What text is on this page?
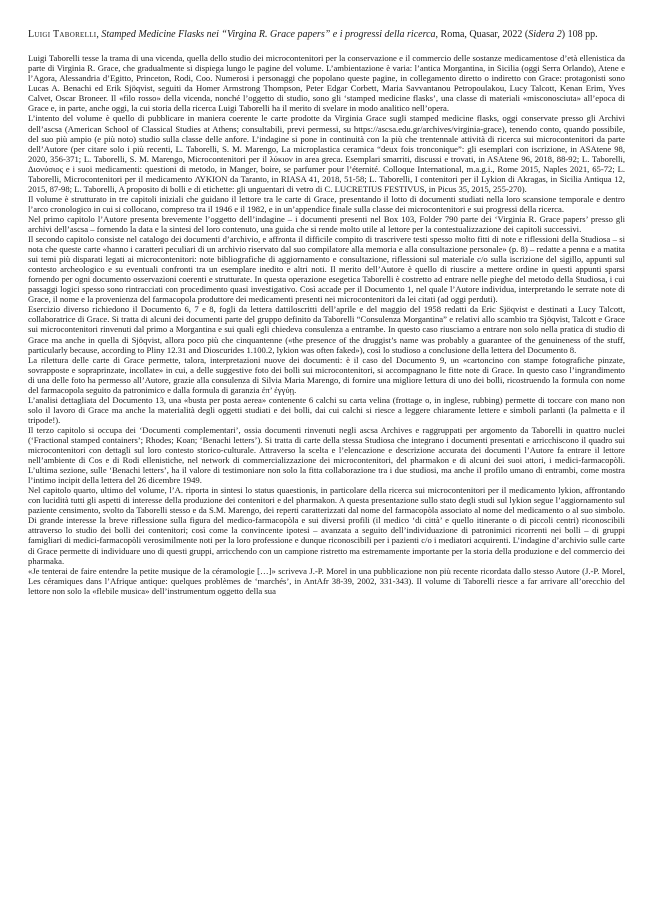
Luigi Taborelli, Stamped Medicine Flasks nei “Virgina R. Grace papers” e i progressi della ricerca, Roma, Quasar, 2022 (Sidera 2) 108 pp.

Luigi Taborelli tesse la trama di una vicenda, quella dello studio dei microcontenitori per la conservazione e il commercio delle sostanze medicamentose d’età ellenistica da parte di Virginia R. Grace, che gradualmente si dispiega lungo le pagine del volume. L’ambientazione è varia: l’antica Morgantina, in Sicilia (oggi Serra Orlando), Atene e l’Agora, Alessandria d’Egitto, Princeton, Rodi, Coo. Numerosi i personaggi che popolano queste pagine, in collegamento diretto o indiretto con Grace: protagonisti sono Lucas A. Benachi ed Erik Sjöqvist, seguiti da Homer Armstrong Thompson, Peter Edgar Corbett, Maria Savvantanou Petropoulakou, Lucy Talcott, Kenan Erim, Yves Calvet, Oscar Broneer. Il «filo rosso» della vicenda, nonché l’oggetto di studio, sono gli ‘stamped medicine flasks’, una classe di materiali «misconosciuta» all’epoca di Grace e, in parte, anche oggi, la cui storia della ricerca Luigi Taborelli ha il merito di svelare in modo analitico nell’opera.

L’intento del volume è quello di pubblicare in maniera coerente le carte prodotte da Virginia Grace sugli stamped medicine flasks, oggi conservate presso gli Archivi dell’ascsa (American School of Classical Studies at Athens; consultabili, previ permessi, su https://ascsa.edu.gr/archives/virginia-grace), tenendo conto, quando possibile, del suo più ampio (e più noto) studio sulla classe delle anfore. L’indagine si pone in continuità con la più che trentennale attività di ricerca sui microcontenitori da parte dell’Autore (per citare solo i più recenti, L. Taborelli, S. M. Marengo, La microplastica ceramica “deux fois tronconique”: gli esemplari con iscrizione, in ASAtene 98, 2020, 356-371; L. Taborelli, S. M. Marengo, Microcontenitori per il λύκιον in area greca. Esemplari smarriti, discussi e trovati, in ASAtene 96, 2018, 88-92; L. Taborelli, Διονύσιος e i suoi medicamenti: questioni di metodo, in Manger, boire, se parfumer pour l’éternité. Colloque International, m.a.g.i., Rome 2015, Naples 2021, 65-72; L. Taborelli, Microcontenitori per il medicamento ΛΥΚΙΟΝ da Taranto, in RIASA 41, 2018, 51-58; L. Taborelli, I contenitori per il Lykion di Akragas, in Sicilia Antiqua 12, 2015, 87-98; L. Taborelli, A proposito di bolli e di etichette: gli unguentari di vetro di C. LUCRETIUS FESTIVUS, in Picus 35, 2015, 255-270).

Il volume è strutturato in tre capitoli iniziali che guidano il lettore tra le carte di Grace, presentando il lotto di documenti studiati nella loro scansione temporale e dentro l’arco cronologico in cui si collocano, compreso tra il 1946 e il 1982, e in un’appendice finale sulla classe dei microcontenitori e sui progressi della ricerca.

Nel primo capitolo l’Autore presenta brevemente l’oggetto dell’indagine – i documenti presenti nel Box 103, Folder 790 parte dei ‘Virginia R. Grace papers’ presso gli archivi dell’ascsa – fornendo la data e la sintesi del loro contenuto, una guida che si rende molto utile al lettore per la contestualizzazione dei capitoli successivi.

Il secondo capitolo consiste nel catalogo dei documenti d’archivio, e affronta il difficile compito di trascrivere testi spesso molto fitti di note e riflessioni della Studiosa – si nota che queste carte «hanno i caratteri peculiari di un archivio riservato dal suo compilatore alla memoria e alla consultazione personale» (p. 8) – redatte a penna e a matita sui temi più disparati legati ai microcontenitori: note bibliografiche di aggiornamento e consultazione, riflessioni sul materiale c/o sulla iscrizione del sigillo, appunti sul contesto archeologico e su eventuali confronti tra un esemplare inedito e altri noti. Il merito dell’Autore è quello di riuscire a mettere ordine in questi appunti sparsi fornendo per ogni documento osservazioni coerenti e strutturate. In questa operazione esegetica Taborelli è costretto ad entrare nelle pieghe del metodo della Studiosa, i cui passaggi logici spesso sono rintracciati con procedimento quasi investigativo. Così accade per il Documento 1, nel quale l’Autore individua, interpretando le serrate note di Grace, il nome e la provenienza del farmacopola produttore dei medicamenti presenti nei microcontenitori da lei citati (ad oggi perduti).

Esercizio diverso richiedono il Documento 6, 7 e 8, fogli da lettera dattiloscritti dell’aprile e del maggio del 1958 redatti da Eric Sjöqvist e destinati a Lucy Talcott, collaboratrice di Grace. Si tratta di alcuni dei documenti parte del gruppo definito da Taborelli “Consulenza Morgantina” e relativi allo scambio tra Sjöqvist, Talcott e Grace sui microcontenitori rinvenuti dal primo a Morgantina e sui quali egli chiedeva consulenza a entrambe. In questo caso riusciamo a entrare non solo nella pratica di studio di Grace ma anche in quella di Sjöqvist, allora poco più che cinquantenne («the presence of the druggist’s name was probably a guarantee of the genuineness of the stuff, particularly because, according to Pliny 12.31 and Dioscurides 1.100.2, lykion was often faked»), così lo studioso a conclusione della lettera del Documento 8.

La rilettura delle carte di Grace permette, talora, interpretazioni nuove dei documenti: è il caso del Documento 9, un «cartoncino con stampe fotografiche pinzate, sovrapposte e sopraprinzate, incollate» in cui, a delle suggestive foto dei bolli sui microcontenitori, si accompagnano le fitte note di Grace. In questo caso l’ingrandimento di una delle foto ha permesso all’Autore, grazie alla consulenza di Silvia Maria Marengo, di fornire una migliore lettura di uno dei bolli, ricostruendo la formula con nome del farmacopola seguito da patronimico e dalla formula di garanzia ἐπ’ ἐγγύῃ.

L’analisi dettagliata del Documento 13, una «busta per posta aerea» contenente 6 calchi su carta velina (frottage o, in inglese, rubbing) permette di toccare con mano non solo il lavoro di Grace ma anche la materialità degli oggetti studiati e dei bolli, dai cui calchi si riesce a leggere chiaramente lettere e simboli parlanti (la palmetta e il tripode!).

Il terzo capitolo si occupa dei ‘Documenti complementari’, ossia documenti rinvenuti negli ascsa Archives e raggruppati per argomento da Taborelli in quattro nuclei (‘Fractional stamped containers’; Rhodes; Koan; ‘Benachi letters’). Si tratta di carte della stessa Studiosa che integrano i documenti presentati e arricchiscono il quadro sui microcontenitori con dettagli sul loro contesto storico-culturale. Attraverso la scelta e l’elencazione e descrizione accurata dei documenti l’Autore fa entrare il lettore nell’ambiente di Cos e di Rodi ellenistiche, nel network di commercializzazione dei microcontenitori, del pharmakon e di alcuni dei suoi attori, i medici-farmacopòli. L’ultima sezione, sulle ‘Benachi letters’, ha il valore di testimoniare non solo la fitta collaborazione tra i due studiosi, ma anche il profilo umano di entrambi, come mostra l’intimo incipit della lettera del 26 dicembre 1949.

Nel capitolo quarto, ultimo del volume, l’A. riporta in sintesi lo status quaestionis, in particolare della ricerca sui microcontenitori per il medicamento lykion, affrontando con lucidità tutti gli aspetti di interesse della produzione dei contenitori e del pharmakon. A questa presentazione sullo stato degli studi sul lykion segue l’aggiornamento sul paziente censimento, svolto da Taborelli stesso e da S.M. Marengo, dei reperti caratterizzati dal nome del farmacopòla associato al nome del medicamento o al suo simbolo. Di grande interesse la breve riflessione sulla figura del medico-farmacopòla e sui diversi profili (il medico ‘di città’ e quello itinerante o di piccoli centri) riconoscibili attraverso lo studio dei bolli dei contenitori; così come la convincente ipotesi – avanzata a seguito dell’individuazione di patronimici ricorrenti nei bolli – di gruppi famigliari di medici-farmacopòli verosimilmente noti per la loro professione e dunque riconoscibili per i pazienti c/o i mediatori acquirenti. L’indagine d’archivio sulle carte di Grace permette di individuare uno di questi gruppi, arricchendo con un campione ristretto ma estremamente importante per la storia della produzione e del commercio dei pharmaka.

«Je tenterai de faire entendre la petite musique de la céramologie […]» scriveva J.-P. Morel in una pubblicazione non più recente ricordata dallo stesso Autore (J.-P. Morel, Les céramiques dans l’Afrique antique: quelques problèmes de ‘marchés’, in AntAfr 38-39, 2002, 331-343). Il volume di Taborelli riesce a far arrivare all’orecchio del lettore non solo la «flebile musica» dell’instrumentum oggetto della sua
